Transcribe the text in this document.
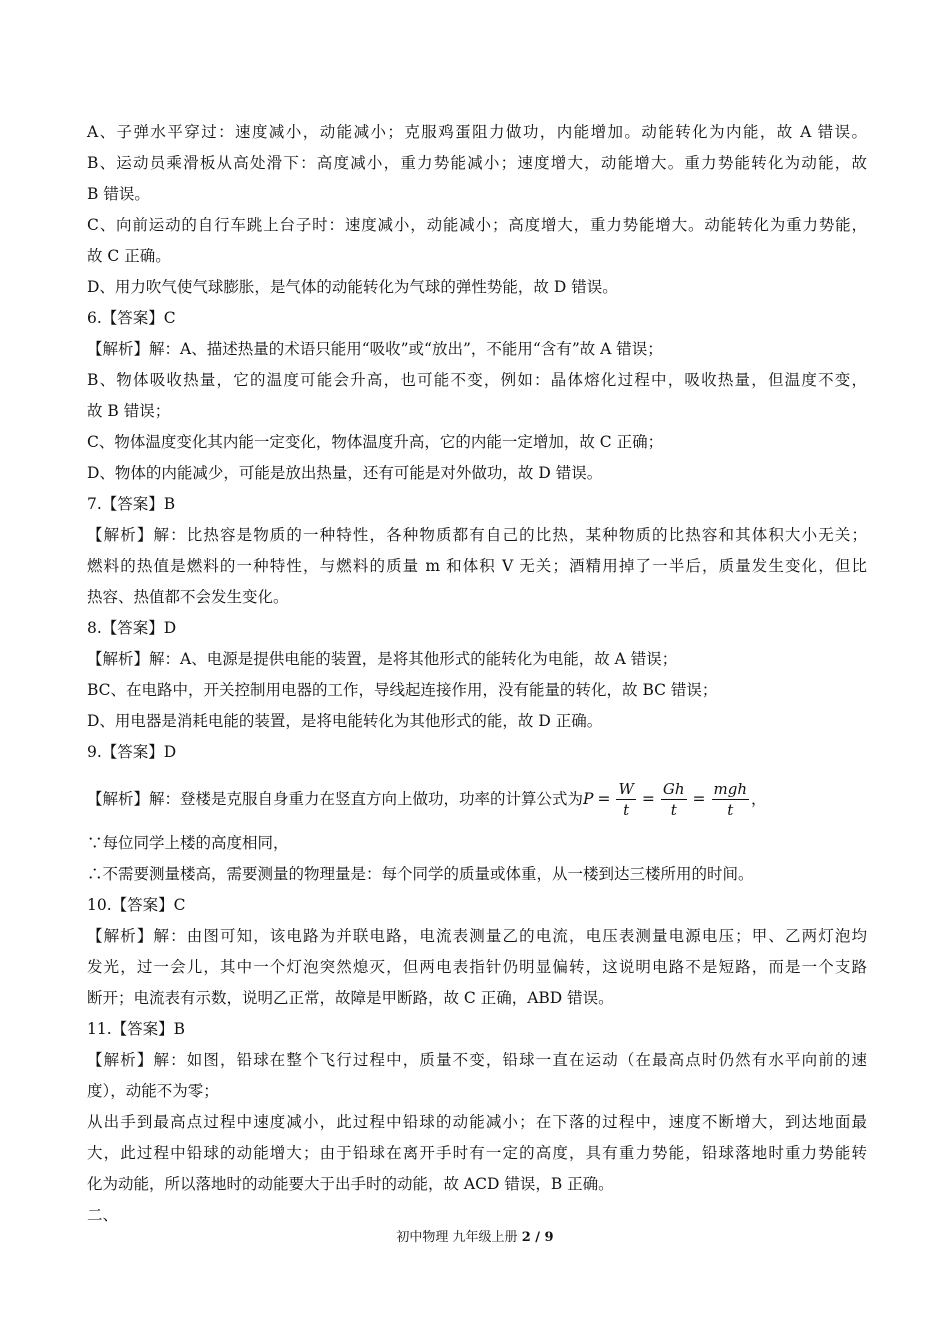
A、子弹水平穿过：速度减小，动能减小；克服鸡蛋阻力做功，内能增加。动能转化为内能，故 A 错误。
B、运动员乘滑板从高处滑下：高度减小，重力势能减小；速度增大，动能增大。重力势能转化为动能，故
B 错误。
C、向前运动的自行车跳上台子时：速度减小，动能减小；高度增大，重力势能增大。动能转化为重力势能，
故 C 正确。
D、用力吹气使气球膨胀，是气体的动能转化为气球的弹性势能，故 D 错误。
6.【答案】C
【解析】解：A、描述热量的术语只能用“吸收”或“放出”，不能用“含有”故 A 错误；
B、物体吸收热量，它的温度可能会升高，也可能不变，例如：晶体熔化过程中，吸收热量，但温度不变，
故 B 错误；
C、物体温度变化其内能一定变化，物体温度升高，它的内能一定增加，故 C 正确；
D、物体的内能减少，可能是放出热量，还有可能是对外做功，故 D 错误。
7.【答案】B
【解析】解：比热容是物质的一种特性，各种物质都有自己的比热，某种物质的比热容和其体积大小无关；
燃料的热值是燃料的一种特性，与燃料的质量 m 和体积 V 无关；酒精用掉了一半后，质量发生变化，但比
热容、热值都不会发生变化。
8.【答案】D
【解析】解：A、电源是提供电能的装置，是将其他形式的能转化为电能，故 A 错误；
BC、在电路中，开关控制用电器的工作，导线起连接作用，没有能量的转化，故 BC 错误；
D、用电器是消耗电能的装置，是将电能转化为其他形式的能，故 D 正确。
9.【答案】D
【解析】解：登楼是克服自身重力在竖直方向上做功，功率的计算公式为 $P = \frac{W}{t} = \frac{Gh}{t} = \frac{\text{mgh}}{t}$ ，
∵每位同学上楼的高度相同，
∴不需要测量楼高，需要测量的物理量是：每个同学的质量或体重，从一楼到达三楼所用的时间。
10.【答案】C
【解析】解：由图可知，该电路为并联电路，电流表测量乙的电流，电压表测量电源电压；甲、乙两灯泡均
发光，过一会儿，其中一个灯泡突然熄灭，但两电表指针仍明显偏转，这说明电路不是短路，而是一个支路
断开；电流表有示数，说明乙正常，故障是甲断路，故 C 正确，ABD 错误。
11.【答案】B
【解析】解：如图，铅球在整个飞行过程中，质量不变，铅球一直在运动（在最高点时仍然有水平向前的速
度），动能不为零；
从出手到最高点过程中速度减小，此过程中铅球的动能减小；在下落的过程中，速度不断增大，到达地面最
大，此过程中铅球的动能增大；由于铅球在离开手时有一定的高度，具有重力势能，铅球落地时重力势能转
化为动能，所以落地时的动能要大于出手时的动能，故 ACD 错误，B 正确。
二、
初中物理 九年级上册 2 / 9
